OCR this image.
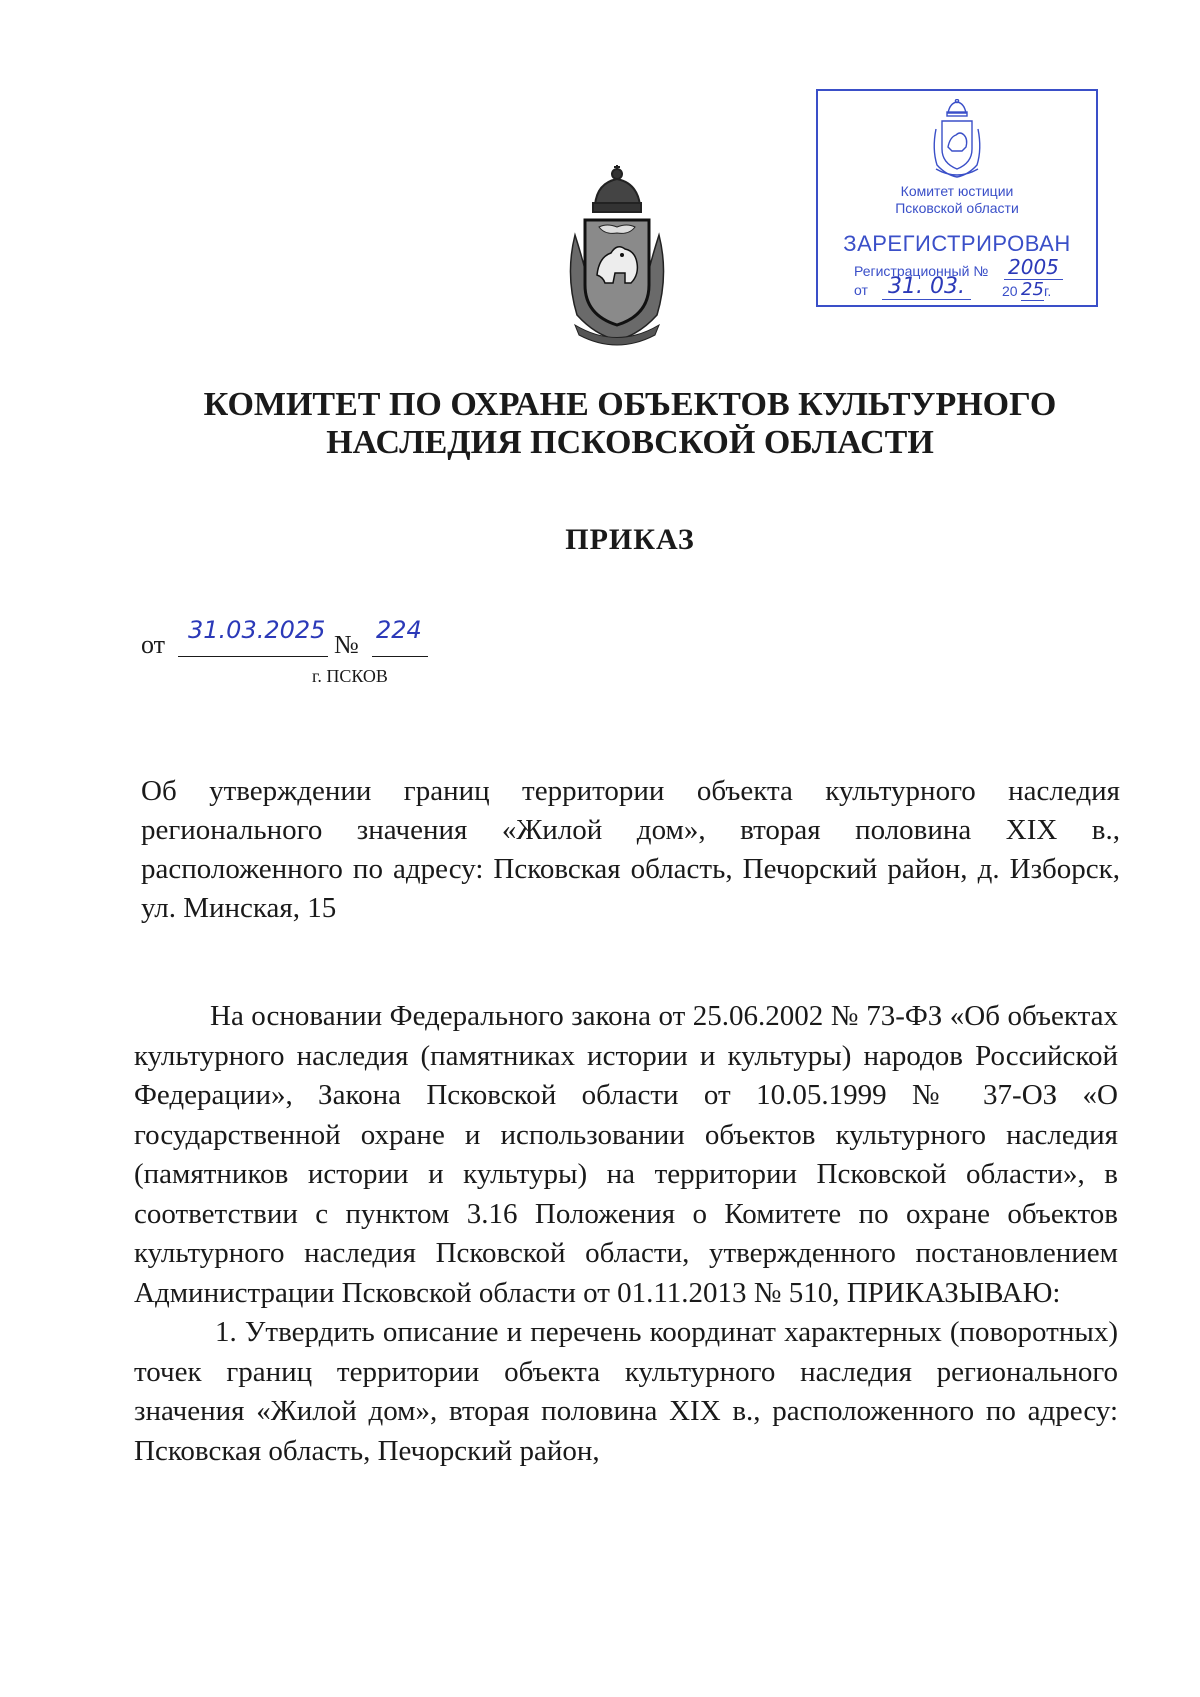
Комитет юстиции
Псковской области
ЗАРЕГИСТРИРОВАН
Регистрационный № 2005
от 31. 03.	20 25 г.
КОМИТЕТ ПО ОХРАНЕ ОБЪЕКТОВ КУЛЬТУРНОГО
НАСЛЕДИЯ ПСКОВСКОЙ ОБЛАСТИ
ПРИКАЗ
от 31.03.2025 № 224
г. ПСКОВ
Об утверждении границ территории объекта культурного наследия регионального значения «Жилой дом», вторая половина XIX в., расположенного по адресу: Псковская область, Печорский район, д. Изборск, ул. Минская, 15

На основании Федерального закона от 25.06.2002 № 73-ФЗ «Об объектах культурного наследия (памятниках истории и культуры) народов Российской Федерации», Закона Псковской области от 10.05.1999 № 37-ОЗ «О государственной охране и использовании объектов культурного наследия (памятников истории и культуры) на территории Псковской области», в соответствии с пунктом 3.16 Положения о Комитете по охране объектов культурного наследия Псковской области, утвержденного постановлением Администрации Псковской области от 01.11.2013 № 510, ПРИКАЗЫВАЮ:

1. Утвердить описание и перечень координат характерных (поворотных) точек границ территории объекта культурного наследия регионального значения «Жилой дом», вторая половина XIX в., расположенного по адресу: Псковская область, Печорский район,
